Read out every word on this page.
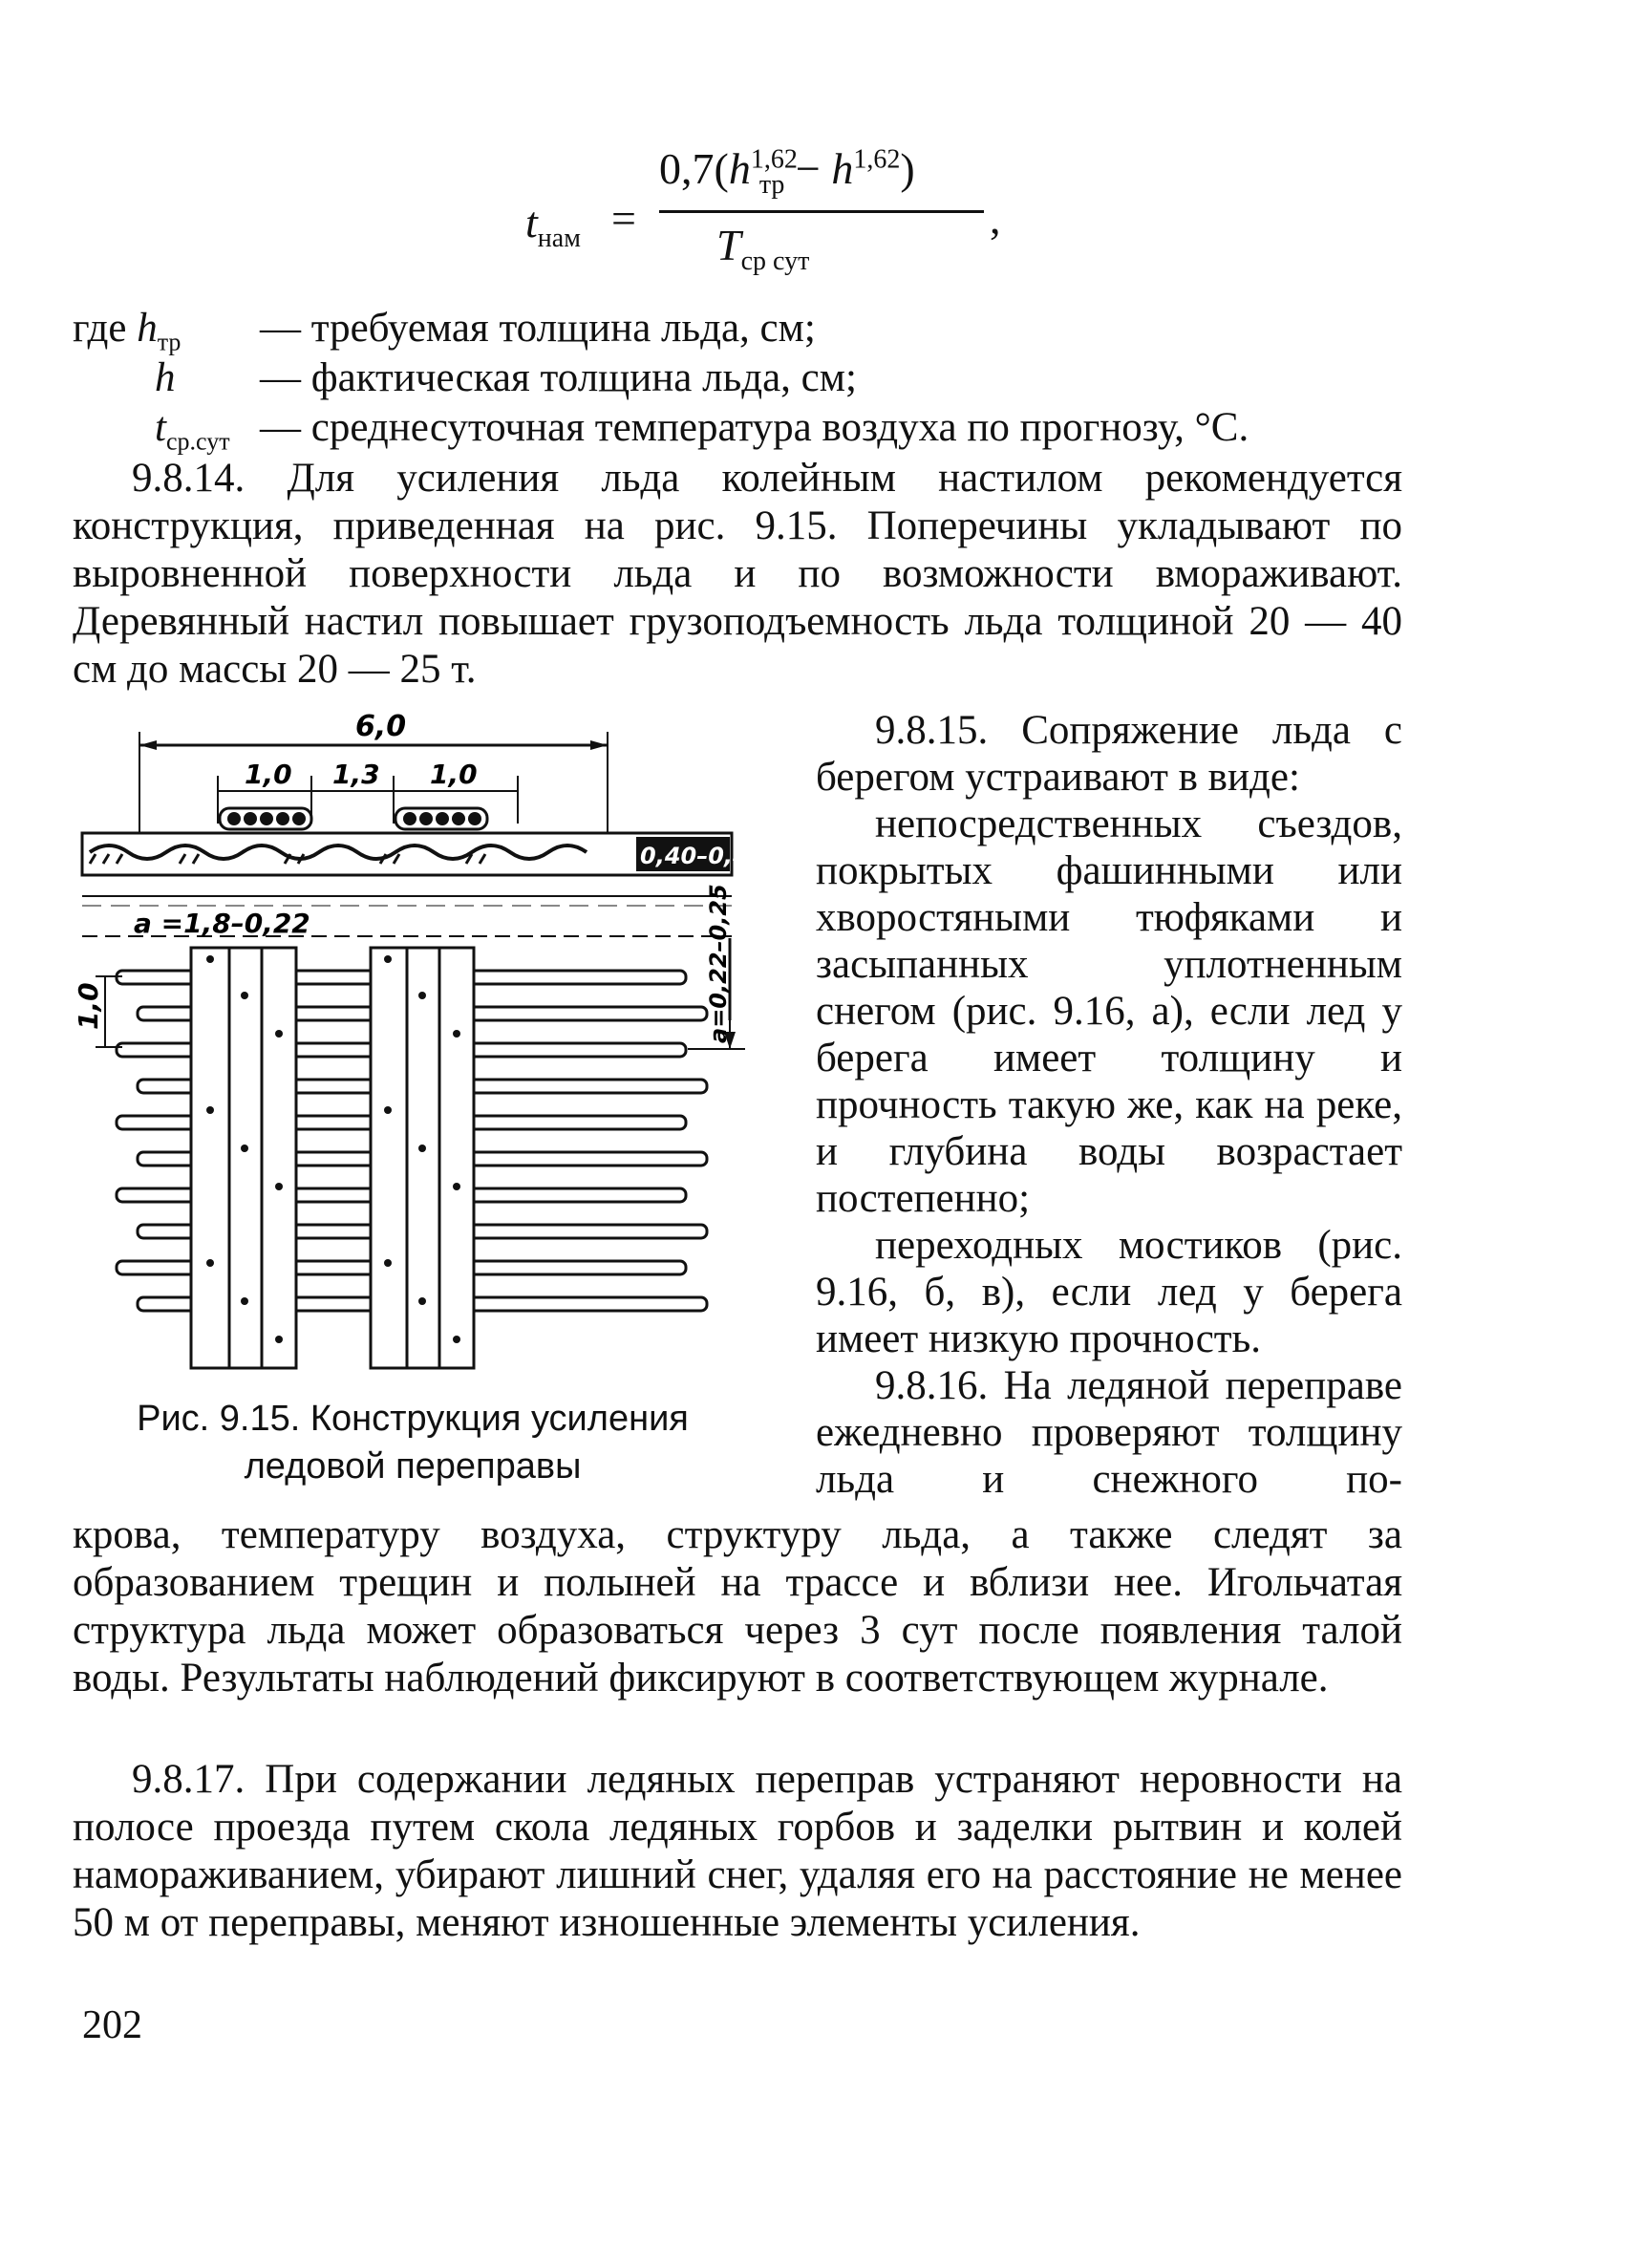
$t_{нам}$ =
$0,7(h^{1,62}_{тр} - h^{1,62})$
$T_{ср сут}$
,
где $h_{тр}$ — требуемая толщина льда, см;
h — фактическая толщина льда, см;
$t_{ср.сут}$ — среднесуточная температура воздуха по прогнозу, °С.

9.8.14. Для усиления льда колейным настилом рекомендуется конструкция, приведенная на рис. 9.15. Поперечины укладывают по выровненной поверхности льда и по возможности вмораживают. Деревянный настил повышает грузоподъемность льда толщиной 20 — 40 см до массы 20 — 25 т.

6,0
1,0 1,3 1,0
0,40–0,45
a =1,8–0,22
1,0	a=0,22–0,25
Рис. 9.15. Конструкция усиления
ледовой переправы

9.8.15. Сопряжение льда с берегом устраивают в виде:

непосредственных съездов, покрытых фашинными или хворостяными тюфяками и засыпанных уплотненным снегом (рис. 9.16, а), если лед у берега имеет толщину и прочность такую же, как на реке, и глубина воды возрастает постепенно;

переходных мостиков (рис. 9.16, б, в), если лед у берега имеет низкую прочность.

9.8.16. На ледяной переправе ежедневно проверяют толщину льда и снежного по-

крова, температуру воздуха, структуру льда, а также следят за образованием трещин и полыней на трассе и вблизи нее. Игольчатая структура льда может образоваться через 3 сут после появления талой воды. Результаты наблюдений фиксируют в соответствующем журнале.

9.8.17. При содержании ледяных переправ устраняют неровности на полосе проезда путем скола ледяных горбов и заделки рытвин и колей намораживанием, убирают лишний снег, удаляя его на расстояние не менее 50 м от переправы, меняют изношенные элементы усиления.

202
